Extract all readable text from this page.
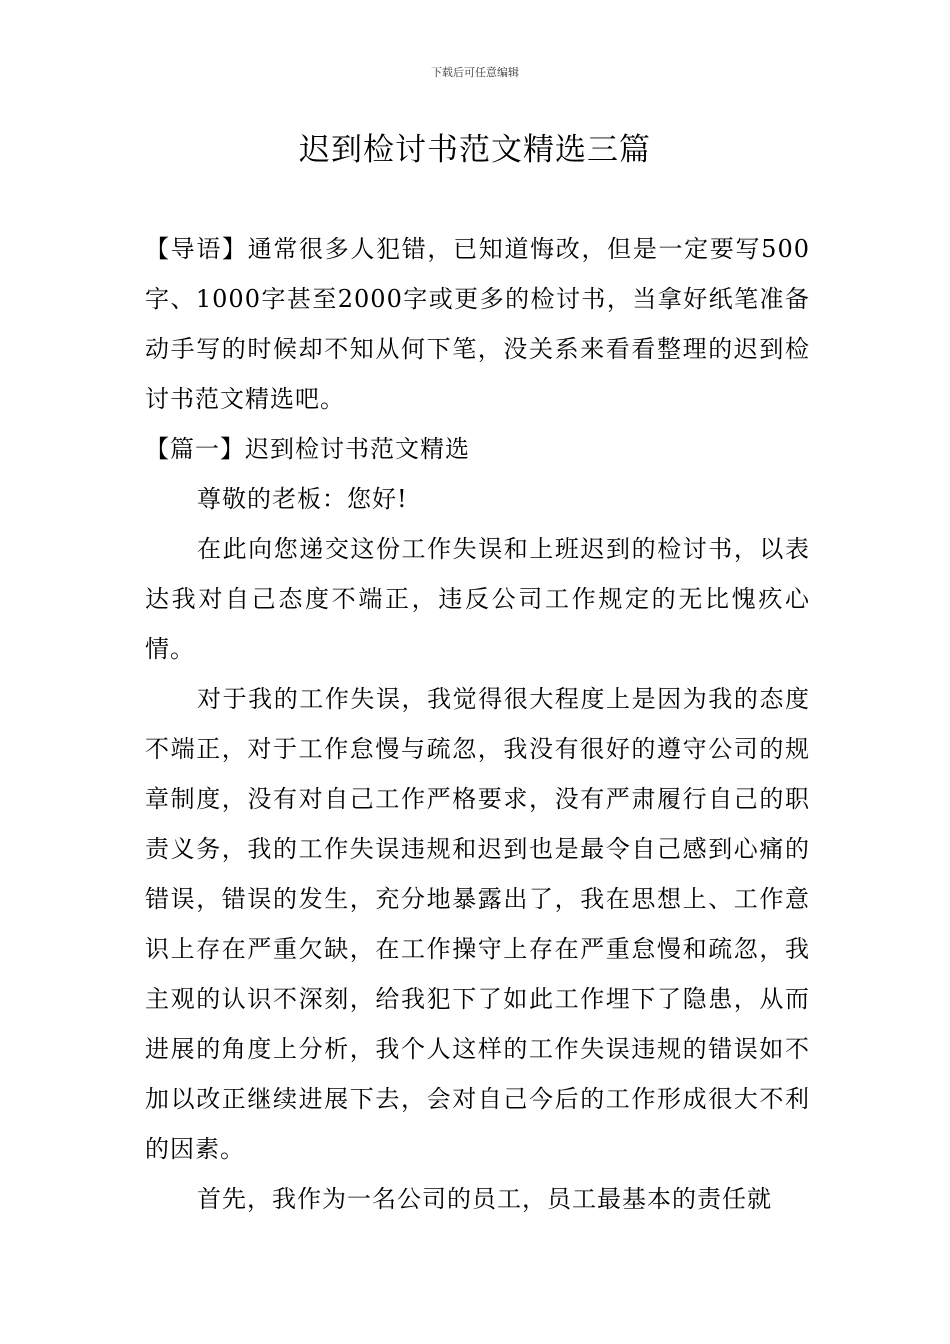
下载后可任意编辑
迟到检讨书范文精选三篇

【导语】通常很多人犯错，已知道悔改，但是一定要写500字、1000字甚至2000字或更多的检讨书，当拿好纸笔准备动手写的时候却不知从何下笔，没关系来看看整理的迟到检讨书范文精选吧。

【篇一】迟到检讨书范文精选

尊敬的老板：您好!

在此向您递交这份工作失误和上班迟到的检讨书，以表达我对自己态度不端正，违反公司工作规定的无比愧疚心情。

对于我的工作失误，我觉得很大程度上是因为我的态度不端正，对于工作怠慢与疏忽，我没有很好的遵守公司的规章制度，没有对自己工作严格要求，没有严肃履行自己的职责义务，我的工作失误违规和迟到也是最令自己感到心痛的错误，错误的发生，充分地暴露出了，我在思想上、工作意识上存在严重欠缺，在工作操守上存在严重怠慢和疏忽，我主观的认识不深刻，给我犯下了如此工作埋下了隐患，从而进展的角度上分析，我个人这样的工作失误违规的错误如不加以改正继续进展下去，会对自己今后的工作形成很大不利的因素。

首先，我作为一名公司的员工，员工最基本的责任就
